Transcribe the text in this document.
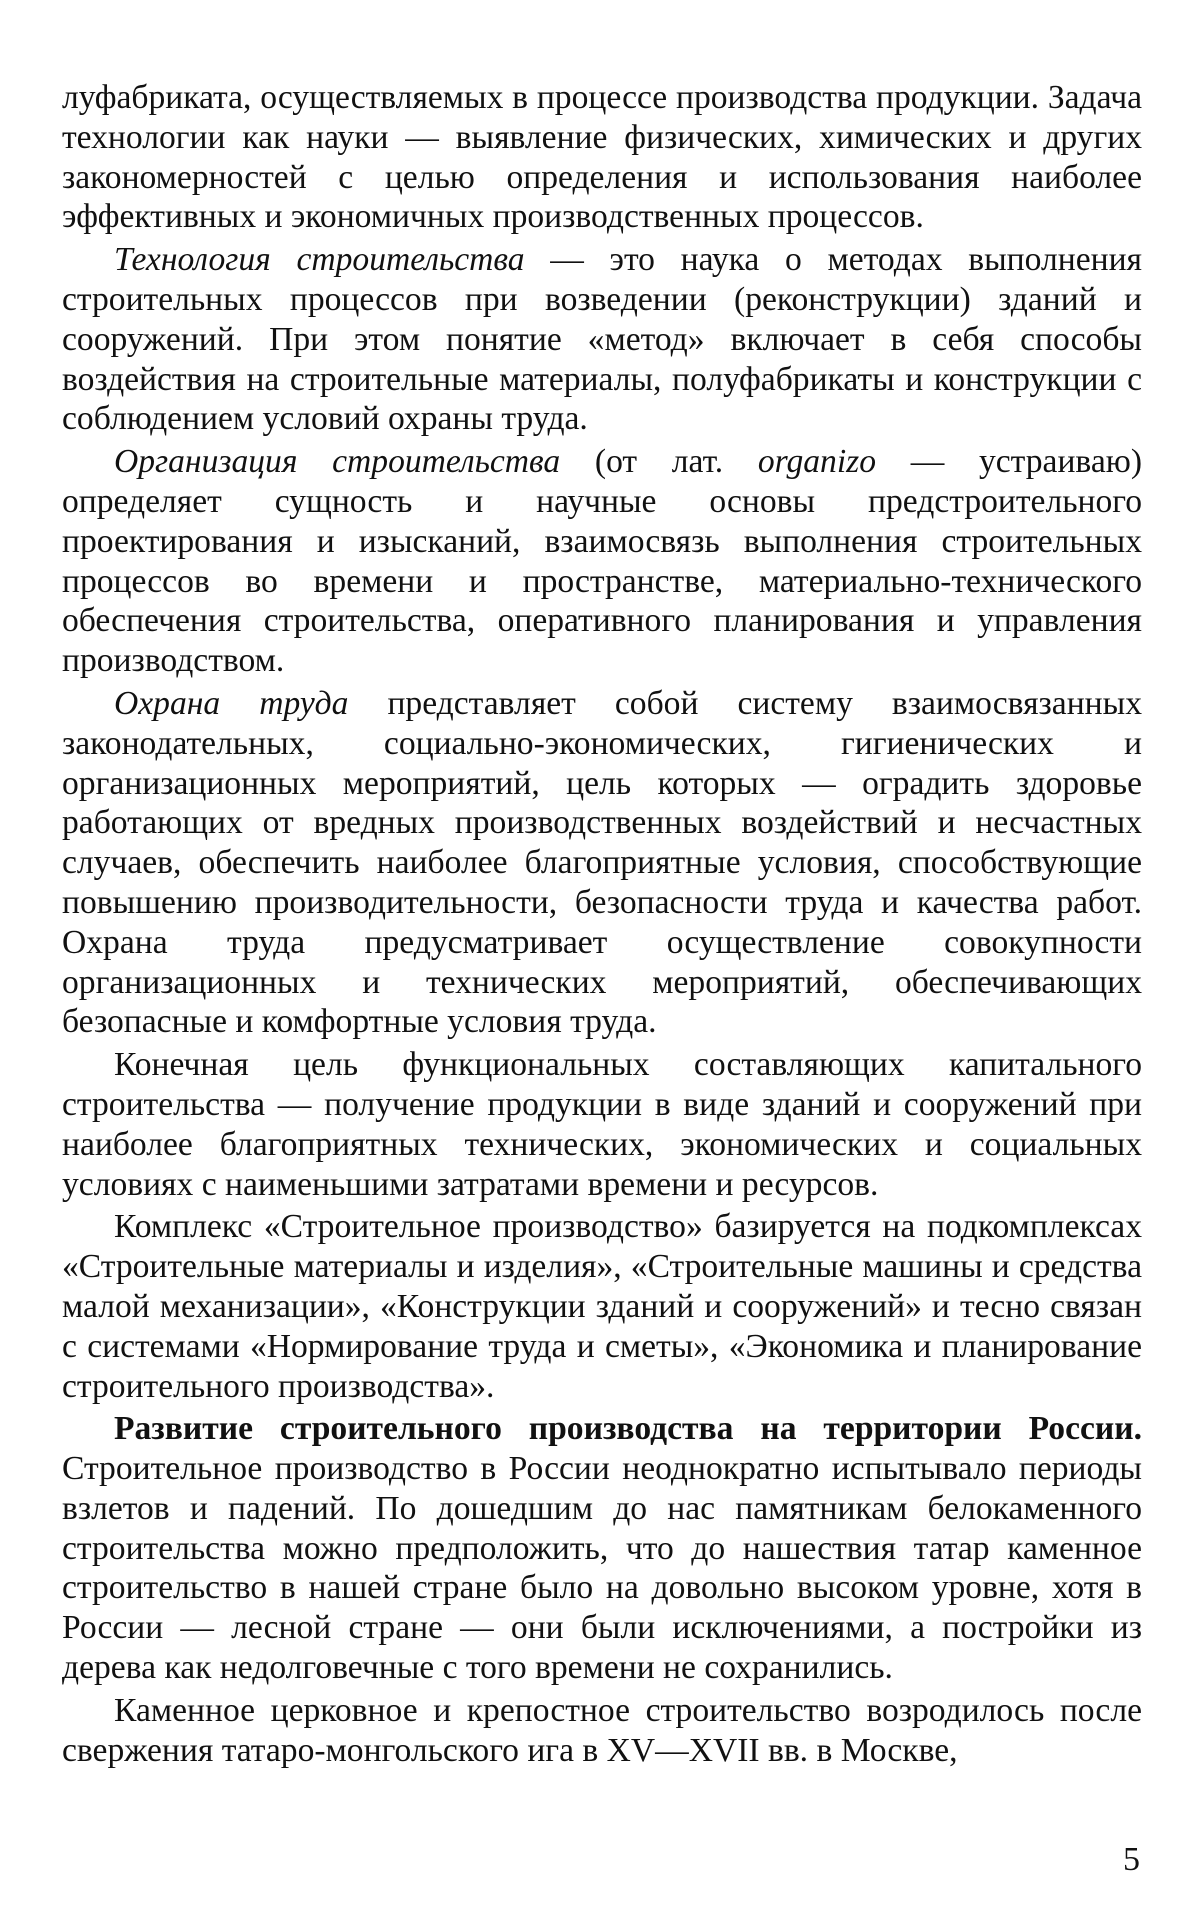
луфабриката, осуществляемых в процессе производства продукции. Задача технологии как науки — выявление физических, химических и других закономерностей с целью определения и использования наиболее эффективных и экономичных производственных процессов.

Технология строительства — это наука о методах выполнения строительных процессов при возведении (реконструкции) зданий и сооружений. При этом понятие «метод» включает в себя способы воздействия на строительные материалы, полуфабрикаты и конструкции с соблюдением условий охраны труда.

Организация строительства (от лат. organizo — устраиваю) определяет сущность и научные основы предстроительного проектирования и изысканий, взаимосвязь выполнения строительных процессов во времени и пространстве, материально-технического обеспечения строительства, оперативного планирования и управления производством.

Охрана труда представляет собой систему взаимосвязанных законодательных, социально-экономических, гигиенических и организационных мероприятий, цель которых — оградить здоровье работающих от вредных производственных воздействий и несчастных случаев, обеспечить наиболее благоприятные условия, способствующие повышению производительности, безопасности труда и качества работ. Охрана труда предусматривает осуществление совокупности организационных и технических мероприятий, обеспечивающих безопасные и комфортные условия труда.

Конечная цель функциональных составляющих капитального строительства — получение продукции в виде зданий и сооружений при наиболее благоприятных технических, экономических и социальных условиях с наименьшими затратами времени и ресурсов.

Комплекс «Строительное производство» базируется на подкомплексах «Строительные материалы и изделия», «Строительные машины и средства малой механизации», «Конструкции зданий и сооружений» и тесно связан с системами «Нормирование труда и сметы», «Экономика и планирование строительного производства».

Развитие строительного производства на территории России. Строительное производство в России неоднократно испытывало периоды взлетов и падений. По дошедшим до нас памятникам белокаменного строительства можно предположить, что до нашествия татар каменное строительство в нашей стране было на довольно высоком уровне, хотя в России — лесной стране — они были исключениями, а постройки из дерева как недолговечные с того времени не сохранились.

Каменное церковное и крепостное строительство возродилось после свержения татаро-монгольского ига в XV—XVII вв. в Москве,

5
